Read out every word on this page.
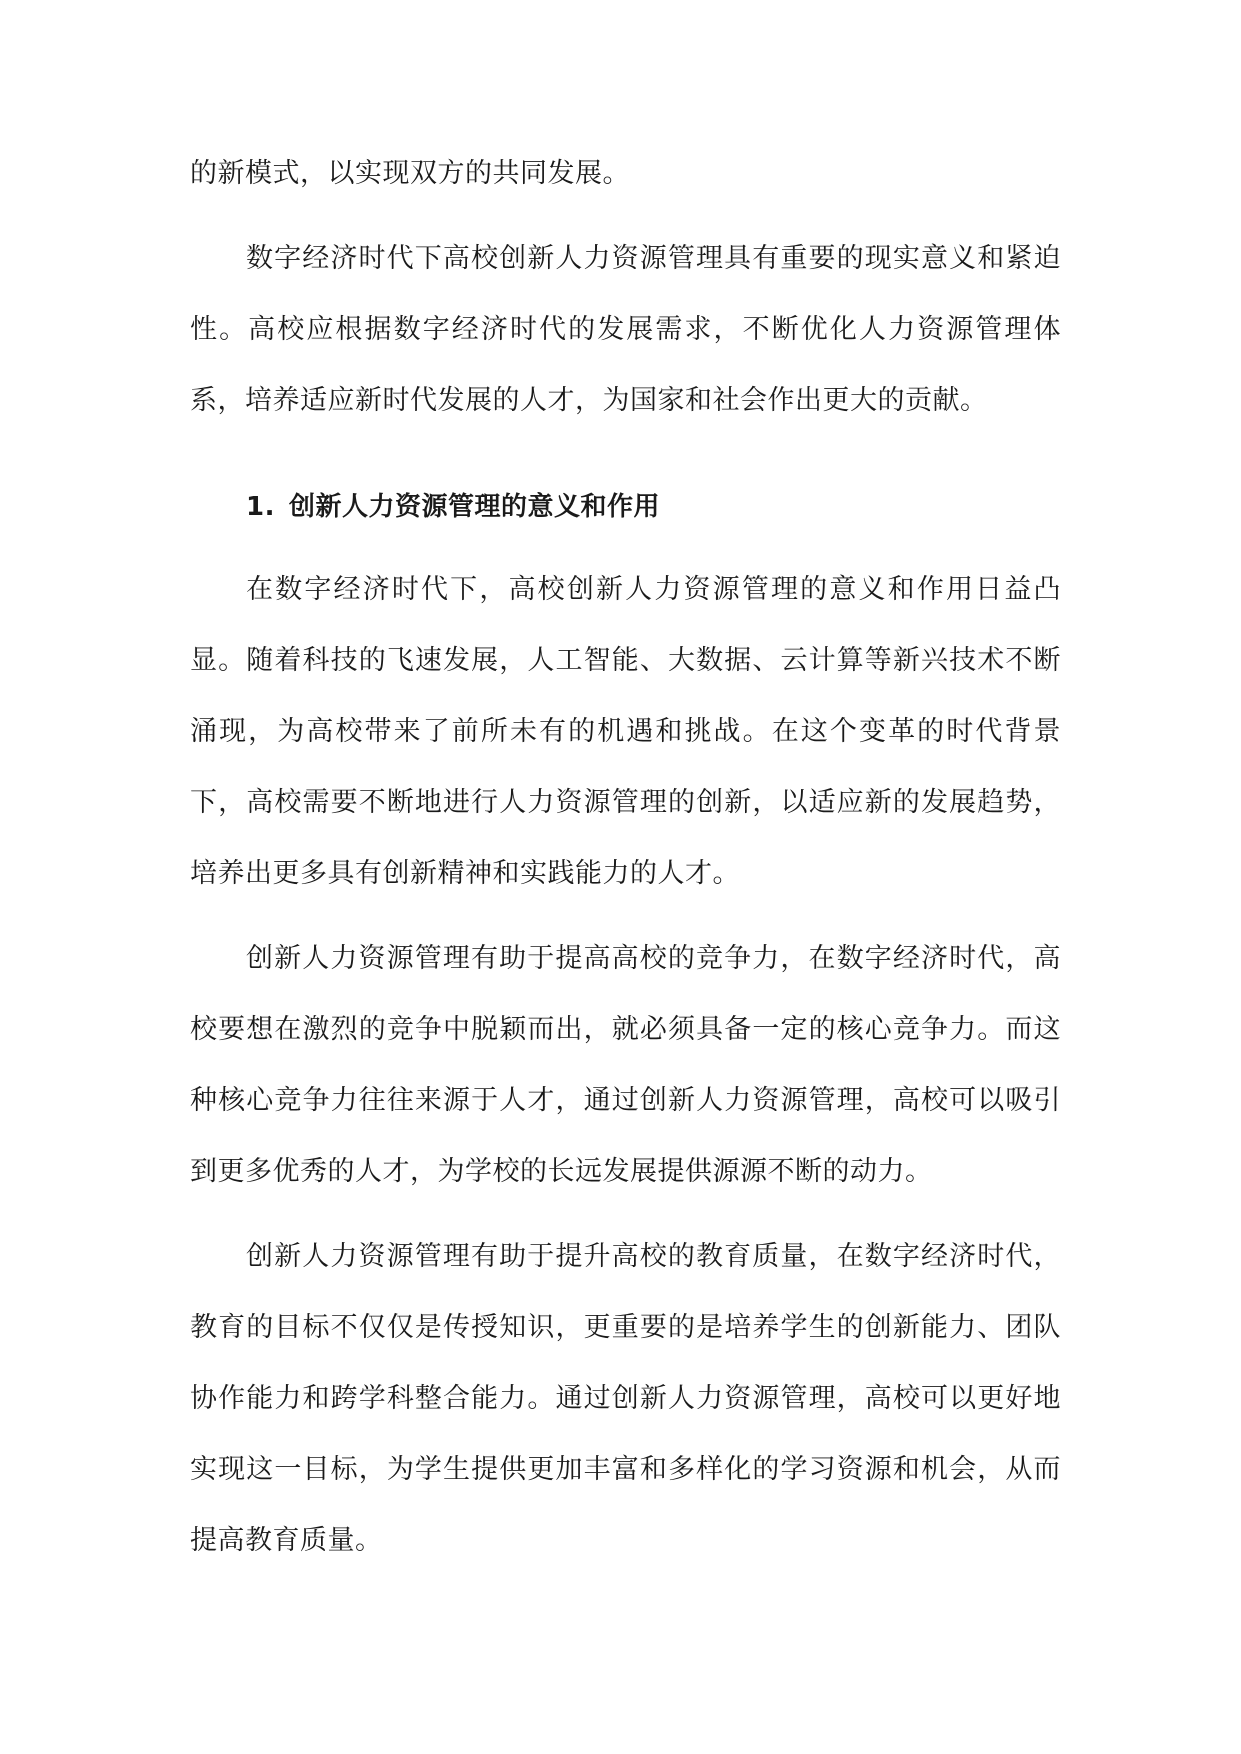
的新模式，以实现双方的共同发展。

数字经济时代下高校创新人力资源管理具有重要的现实意义和紧迫性。高校应根据数字经济时代的发展需求，不断优化人力资源管理体系，培养适应新时代发展的人才，为国家和社会作出更大的贡献。

1. 创新人力资源管理的意义和作用

在数字经济时代下，高校创新人力资源管理的意义和作用日益凸显。随着科技的飞速发展，人工智能、大数据、云计算等新兴技术不断涌现，为高校带来了前所未有的机遇和挑战。在这个变革的时代背景下，高校需要不断地进行人力资源管理的创新，以适应新的发展趋势，培养出更多具有创新精神和实践能力的人才。

创新人力资源管理有助于提高高校的竞争力，在数字经济时代，高校要想在激烈的竞争中脱颖而出，就必须具备一定的核心竞争力。而这种核心竞争力往往来源于人才，通过创新人力资源管理，高校可以吸引到更多优秀的人才，为学校的长远发展提供源源不断的动力。

创新人力资源管理有助于提升高校的教育质量，在数字经济时代，教育的目标不仅仅是传授知识，更重要的是培养学生的创新能力、团队协作能力和跨学科整合能力。通过创新人力资源管理，高校可以更好地实现这一目标，为学生提供更加丰富和多样化的学习资源和机会，从而提高教育质量。
